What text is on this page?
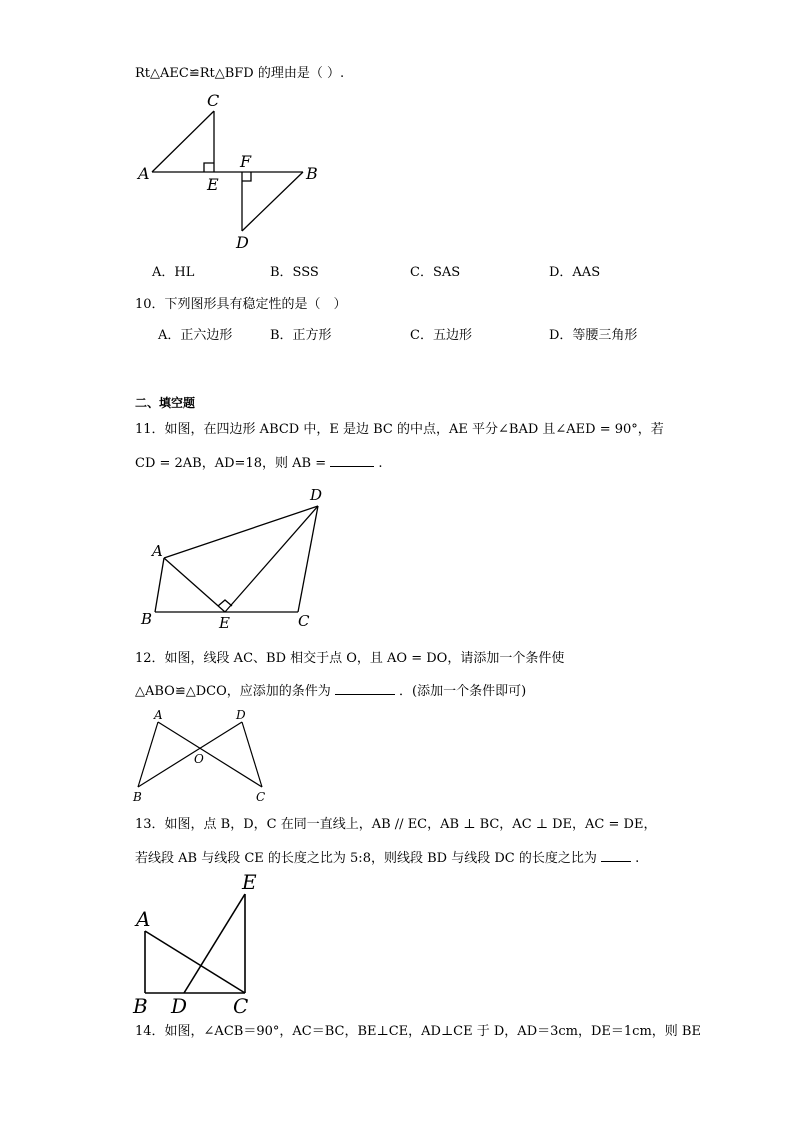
Rt△AEC≌Rt△BFD 的理由是（ ）.
C
A
E
F
B
D
A．HL	B．SSS	C．SAS	D．AAS
10．下列图形具有稳定性的是（　）
A．正六边形	B．正方形	C．五边形	D．等腰三角形
二、填空题
11．如图，在四边形 ABCD 中，E 是边 BC 的中点，AE 平分∠BAD 且∠AED = 90°，若
CD = 2AB，AD=18，则 AB =	.
D
A
B	E	C
12．如图，线段 AC、BD 相交于点 O，且 AO = DO，请添加一个条件使
△ABO≌△DCO，应添加的条件为	．(添加一个条件即可)
A	D
O
B	C
13．如图，点 B，D，C 在同一直线上，AB // EC，AB ⊥ BC，AC ⊥ DE，AC = DE，
若线段 AB 与线段 CE 的长度之比为 5:8，则线段 BD 与线段 DC 的长度之比为	.
E
A
B D C
14．如图，∠ACB＝90°，AC＝BC，BE⊥CE，AD⊥CE 于 D，AD＝3cm，DE＝1cm，则 BE
